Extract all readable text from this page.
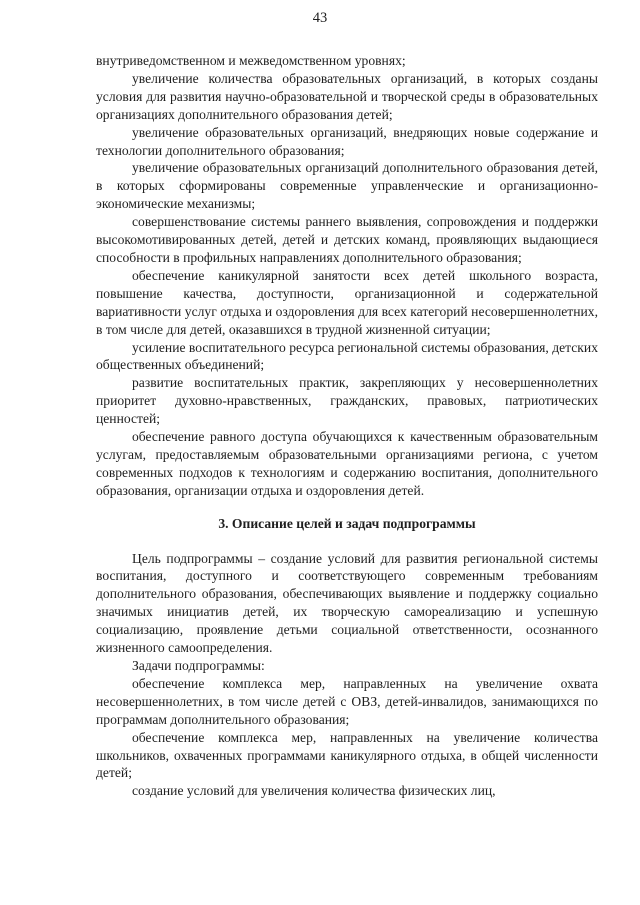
43

внутриведомственном и межведомственном уровнях;

увеличение количества образовательных организаций, в которых созданы условия для развития научно-образовательной и творческой среды в образовательных организациях дополнительного образования детей;

увеличение образовательных организаций, внедряющих новые содержание и технологии дополнительного образования;

увеличение образовательных организаций дополнительного образования детей, в которых сформированы современные управленческие и организационно-экономические механизмы;

совершенствование системы раннего выявления, сопровождения и поддержки высокомотивированных детей, детей и детских команд, проявляющих выдающиеся способности в профильных направлениях дополнительного образования;

обеспечение каникулярной занятости всех детей школьного возраста, повышение качества, доступности, организационной и содержательной вариативности услуг отдыха и оздоровления для всех категорий несовершеннолетних, в том числе для детей, оказавшихся в трудной жизненной ситуации;

усиление воспитательного ресурса региональной системы образования, детских общественных объединений;

развитие воспитательных практик, закрепляющих у несовершеннолетних приоритет духовно-нравственных, гражданских, правовых, патриотических ценностей;

обеспечение равного доступа обучающихся к качественным образовательным услугам, предоставляемым образовательными организациями региона, с учетом современных подходов к технологиям и содержанию воспитания, дополнительного образования, организации отдыха и оздоровления детей.

3. Описание целей и задач подпрограммы

Цель подпрограммы – создание условий для развития региональной системы воспитания, доступного и соответствующего современным требованиям дополнительного образования, обеспечивающих выявление и поддержку социально значимых инициатив детей, их творческую самореализацию и успешную социализацию, проявление детьми социальной ответственности, осознанного жизненного самоопределения.

Задачи подпрограммы:

обеспечение комплекса мер, направленных на увеличение охвата несовершеннолетних, в том числе детей с ОВЗ, детей-инвалидов, занимающихся по программам дополнительного образования;

обеспечение комплекса мер, направленных на увеличение количества школьников, охваченных программами каникулярного отдыха, в общей численности детей;

создание условий для увеличения количества физических лиц,
